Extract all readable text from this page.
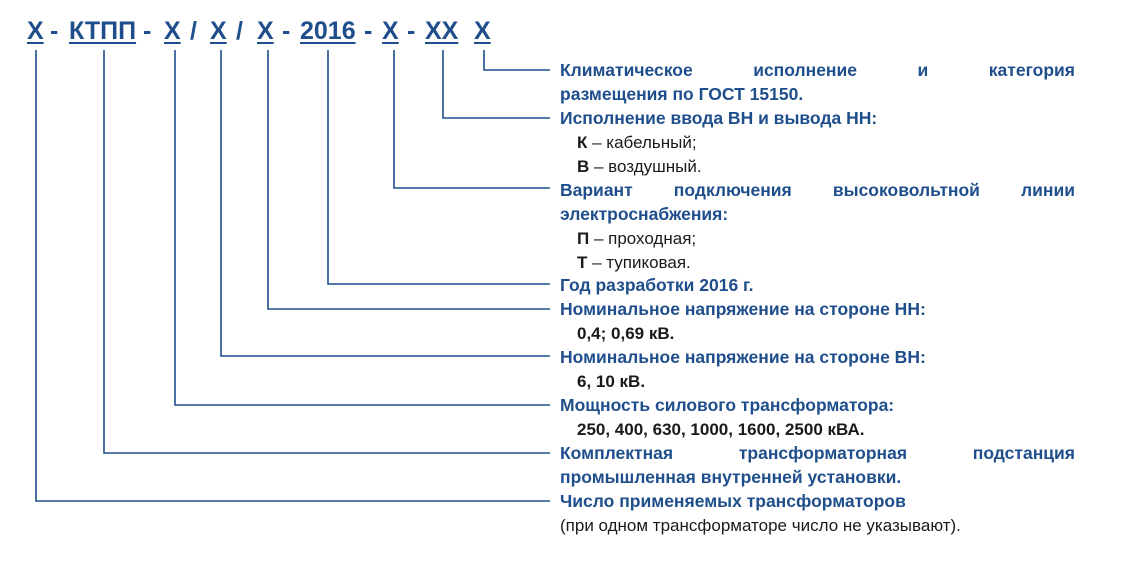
Х - КТПП - Х / Х / Х - 2016 - Х - ХХ Х
Климатическое исполнение и категория
размещения по ГОСТ 15150.
Исполнение ввода ВН и вывода НН:
К – кабельный;
В – воздушный.
Вариант подключения высоковольтной линии
электроснабжения:
П – проходная;
Т – тупиковая.
Год разработки 2016 г.
Номинальное напряжение на стороне НН:
0,4; 0,69 кВ.
Номинальное напряжение на стороне ВН:
6, 10 кВ.
Мощность силового трансформатора:
250, 400, 630, 1000, 1600, 2500 кВА.
Комплектная трансформаторная подстанция
промышленная внутренней установки.
Число применяемых трансформаторов
(при одном трансформаторе число не указывают).
